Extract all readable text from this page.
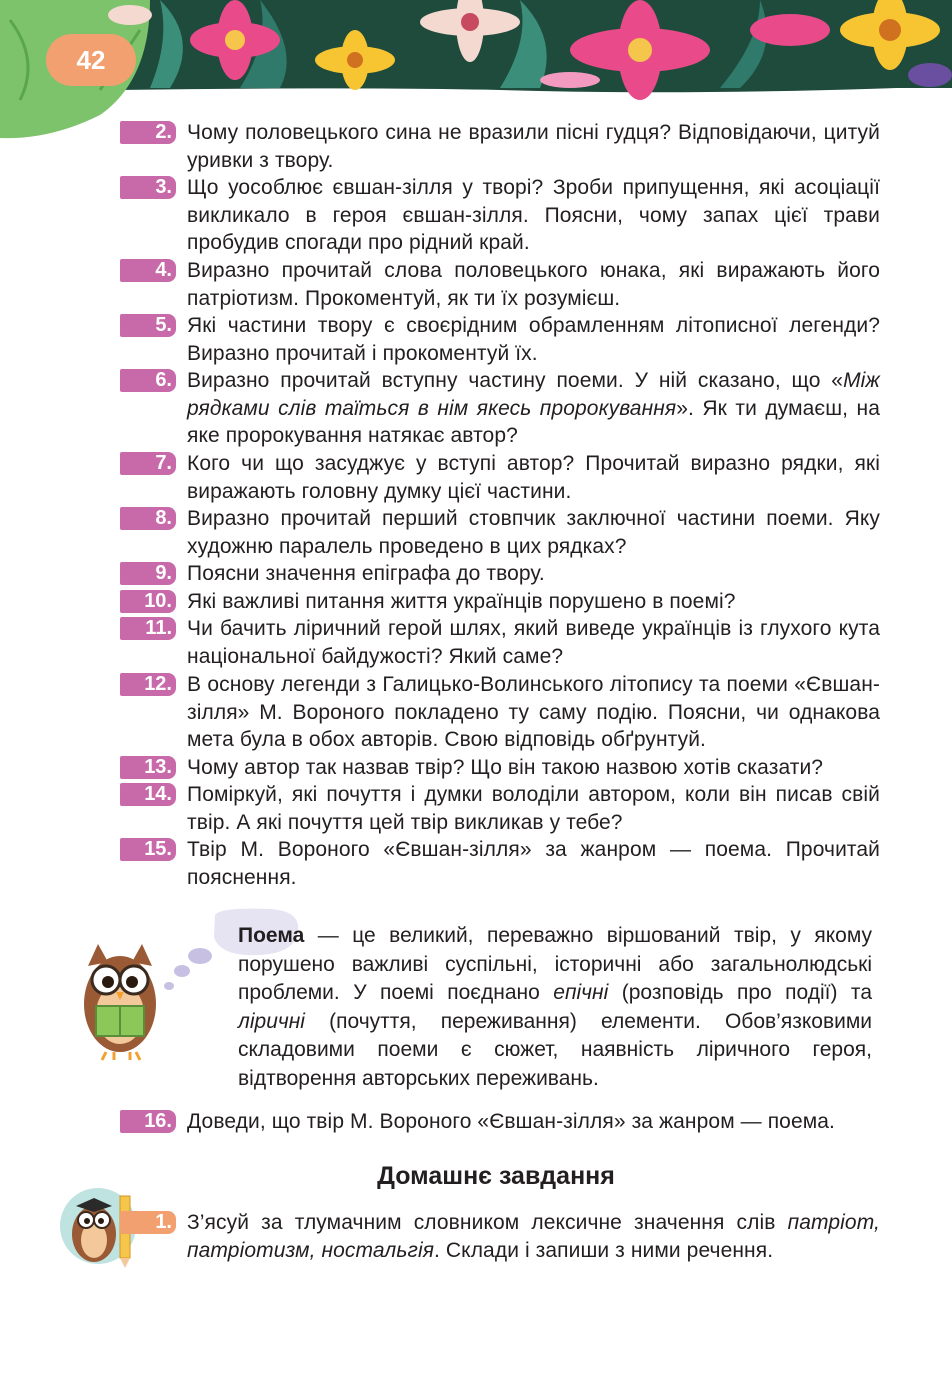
42
2. Чому половецького сина не вразили пісні гудця? Відповідаючи, цитуй уривки з твору.
3. Що уособлює євшан-зілля у творі? Зроби припущення, які асоціації викликало в героя євшан-зілля. Поясни, чому запах цієї трави пробудив спогади про рідний край.
4. Виразно прочитай слова половецького юнака, які виражають його патріотизм. Прокоментуй, як ти їх розумієш.
5. Які частини твору є своєрідним обрамленням літописної легенди? Виразно прочитай і прокоментуй їх.
6. Виразно прочитай вступну частину поеми. У ній сказано, що «Між рядками слів таїться в нім якесь пророкування». Як ти думаєш, на яке пророкування натякає автор?
7. Кого чи що засуджує у вступі автор? Прочитай виразно рядки, які виражають головну думку цієї частини.
8. Виразно прочитай перший стовпчик заключної частини поеми. Яку художню паралель проведено в цих рядках?
9. Поясни значення епіграфа до твору.
10. Які важливі питання життя українців порушено в поемі?
11. Чи бачить ліричний герой шлях, який виведе українців із глухого кута національної байдужості? Який саме?
12. В основу легенди з Галицько-Волинського літопису та поеми «Євшан-зілля» М. Вороного покладено ту саму подію. Поясни, чи однакова мета була в обох авторів. Свою відповідь обґрунтуй.
13. Чому автор так назвав твір? Що він такою назвою хотів сказати?
14. Поміркуй, які почуття і думки володіли автором, коли він писав свій твір. А які почуття цей твір викликав у тебе?
15. Твір М. Вороного «Євшан-зілля» за жанром — поема. Прочитай пояснення.
Поема — це великий, переважно віршований твір, у якому порушено важливі суспільні, історичні або загальнолюдські проблеми. У поемі поєднано епічні (розповідь про події) та ліричні (почуття, переживання) елементи. Обов’язковими складовими поеми є сюжет, наявність ліричного героя, відтворення авторських переживань.
16. Доведи, що твір М. Вороного «Євшан-зілля» за жанром — поема.
Домашнє завдання
1. З’ясуй за тлумачним словником лексичне значення слів патріот, патріотизм, ностальгія. Склади і запиши з ними речення.
